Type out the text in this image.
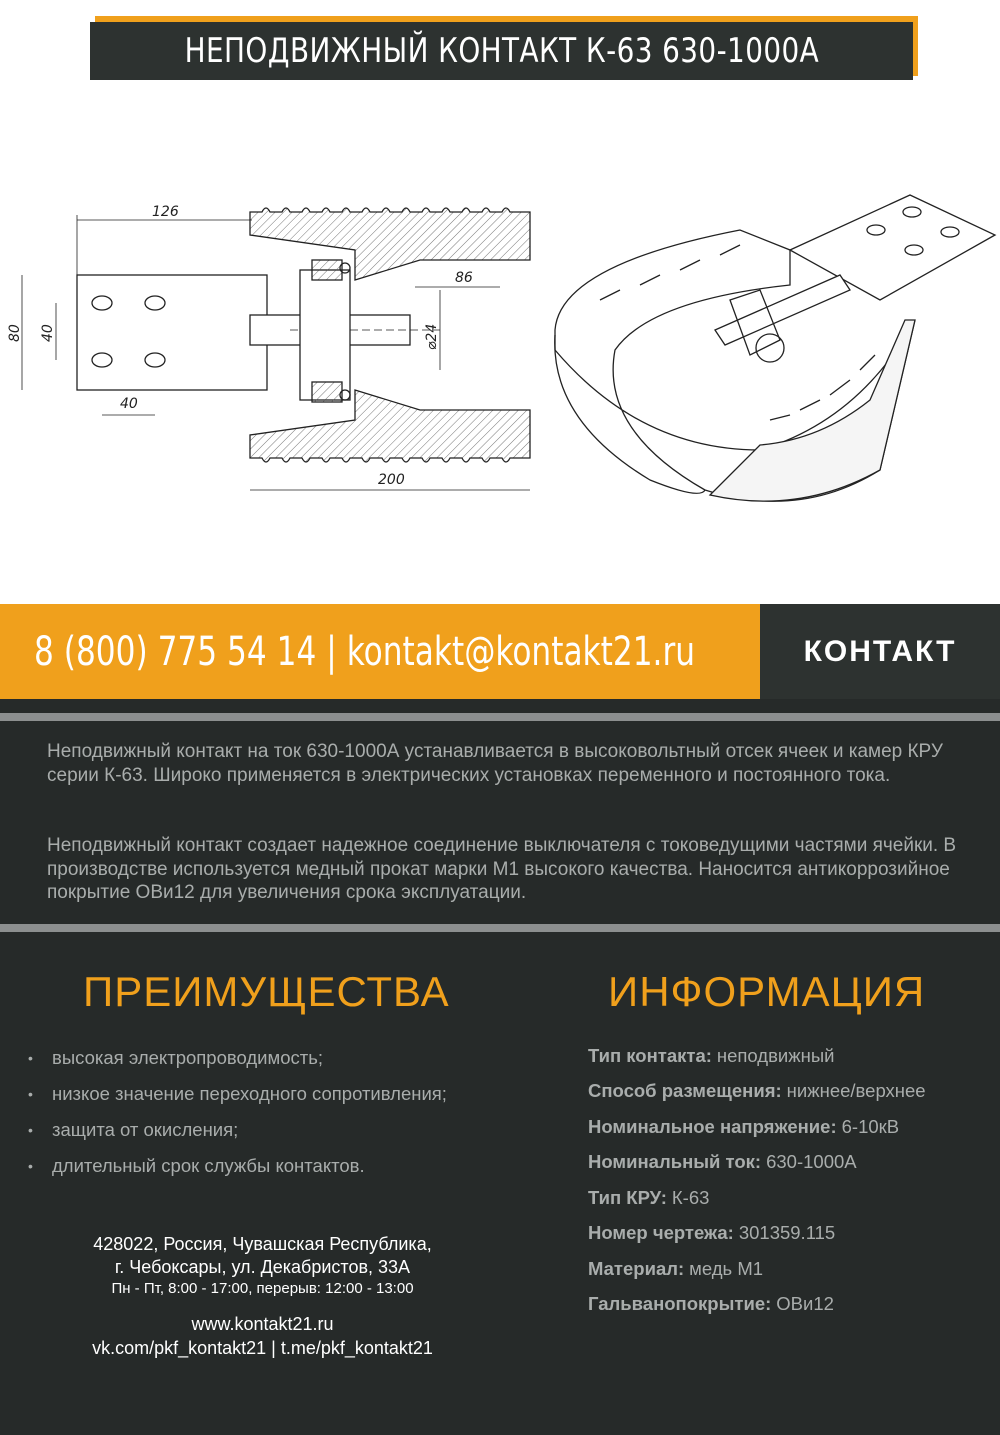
НЕПОДВИЖНЫЙ КОНТАКТ К-63 630-1000А
126
86
80 40
40
⌀24
200
8 (800) 775 54 14 | kontakt@kontakt21.ru	КОНТАКТ
Неподвижный контакт на ток 630-1000А устанавливается в высоковольтный отсек ячеек и камер КРУ серии К-63. Широко применяется в электрических установках переменного и постоянного тока.
Неподвижный контакт создает надежное соединение выключателя с токоведущими частями ячейки. В производстве используется медный прокат марки М1 высокого качества. Наносится антикоррозийное покрытие ОВи12 для увеличения срока эксплуатации.
ПРЕИМУЩЕСТВА	ИНФОРМАЦИЯ
•	высокая электропроводимость;
•	низкое значение переходного сопротивления;
•	защита от окисления;
•	длительный срок службы контактов.
Тип контакта: неподвижный
Способ размещения: нижнее/верхнее
Номинальное напряжение: 6-10кВ
Номинальный ток: 630-1000А
Тип КРУ: К-63
Номер чертежа: 301359.115
Материал: медь М1
Гальванопокрытие: ОВи12
428022, Россия, Чувашская Республика,
г. Чебоксары, ул. Декабристов, 33А
Пн - Пт, 8:00 - 17:00, перерыв: 12:00 - 13:00
www.kontakt21.ru
vk.com/pkf_kontakt21 | t.me/pkf_kontakt21
